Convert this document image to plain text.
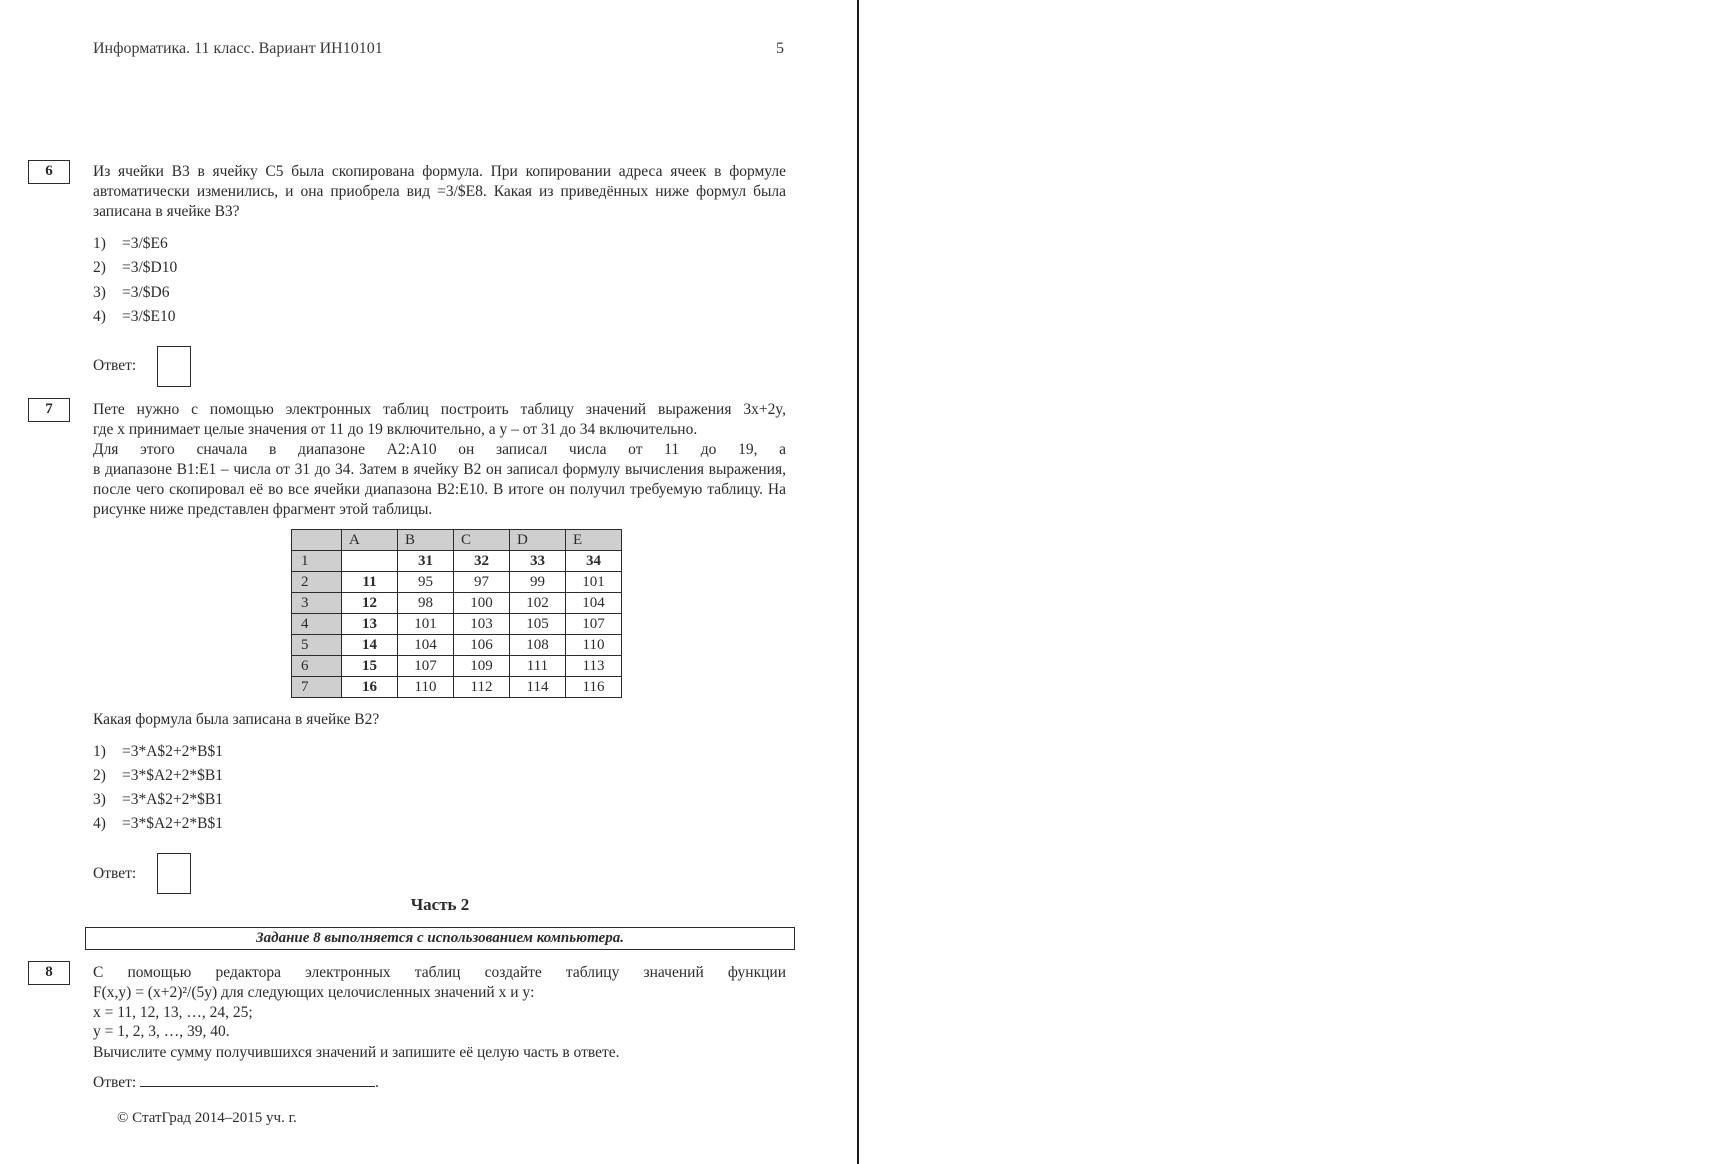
Информатика. 11 класс. Вариант ИН10101	5
6	Из ячейки B3 в ячейку C5 была скопирована формула. При копировании адреса ячеек в формуле автоматически изменились, и она приобрела вид =3/$E8. Какая из приведённых ниже формул была записана в ячейке B3?
1) =3/$E6
2) =3/$D10
3) =3/$D6
4) =3/$E10
Ответ:
7	Пете нужно с помощью электронных таблиц построить таблицу значений выражения 3x+2y,
где x принимает целые значения от 11 до 19 включительно, а y – от 31 до 34 включительно.
Для этого сначала в диапазоне A2:A10 он записал числа от 11 до 19, а
в диапазоне B1:E1 – числа от 31 до 34. Затем в ячейку B2 он записал формулу вычисления выражения, после чего скопировал её во все ячейки диапазона B2:E10. В итоге он получил требуемую таблицу. На рисунке ниже представлен фрагмент этой таблицы.
	A	B	C	D	E
1		31	32	33	34
2	11	95	97	99	101
3	12	98	100	102	104
4	13	101	103	105	107
5	14	104	106	108	110
6	15	107	109	111	113
7	16	110	112	114	116
Какая формула была записана в ячейке B2?
1) =3*A$2+2*B$1
2) =3*$A2+2*$B1
3) =3*A$2+2*$B1
4) =3*$A2+2*B$1
Ответ:
Часть 2
Задание 8 выполняется с использованием компьютера.
8	С помощью редактора электронных таблиц создайте таблицу значений функции
F(x,y) = (x+2)²/(5y) для следующих целочисленных значений x и y:
x = 11, 12, 13, …, 24, 25;
y = 1, 2, 3, …, 39, 40.
Вычислите сумму получившихся значений и запишите её целую часть в ответе.
Ответ:	.
© СтатГрад 2014–2015 уч. г.
